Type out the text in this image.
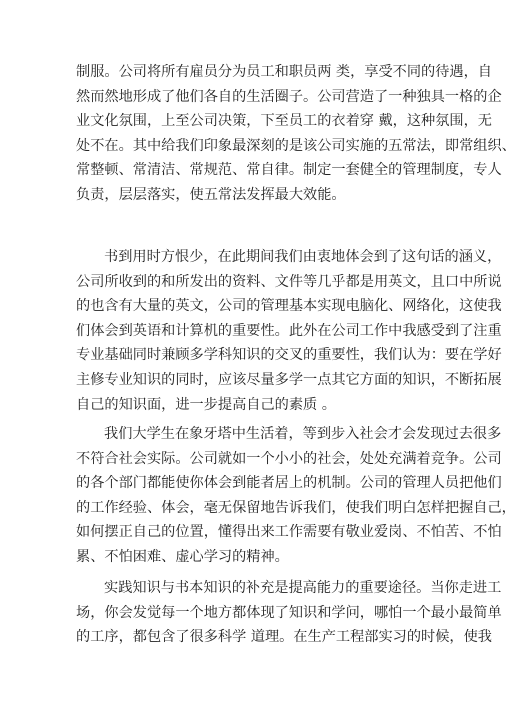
制服。公司将所有雇员分为员工和职员两 类，享受不同的待遇，自
然而然地形成了他们各自的生活圈子。公司营造了一种独具一格的企
业文化氛围，上至公司决策，下至员工的衣着穿 戴，这种氛围，无
处不在。其中给我们印象最深刻的是该公司实施的五常法，即常组织、
常整顿、常清洁、常规范、常自律。制定一套健全的管理制度，专人
负责，层层落实，使五常法发挥最大效能。
书到用时方恨少，在此期间我们由衷地体会到了这句话的涵义，
公司所收到的和所发出的资料、文件等几乎都是用英文，且口中所说
的也含有大量的英文，公司的管理基本实现电脑化、网络化，这使我
们体会到英语和计算机的重要性。此外在公司工作中我感受到了注重
专业基础同时兼顾多学科知识的交叉的重要性，我们认为：要在学好
主修专业知识的同时，应该尽量多学一点其它方面的知识，不断拓展
自己的知识面，进一步提高自己的素质 。
我们大学生在象牙塔中生活着，等到步入社会才会发现过去很多
不符合社会实际。公司就如一个小小的社会，处处充满着竞争。公司
的各个部门都能使你体会到能者居上的机制。公司的管理人员把他们
的工作经验、体会，毫无保留地告诉我们，使我们明白怎样把握自己，
如何摆正自己的位置，懂得出来工作需要有敬业爱岗、不怕苦、不怕
累、不怕困难、虚心学习的精神。
实践知识与书本知识的补充是提高能力的重要途径。当你走进工
场，你会发觉每一个地方都体现了知识和学问，哪怕一个最小最简单
的工序，都包含了很多科学 道理。在生产工程部实习的时候，使我
